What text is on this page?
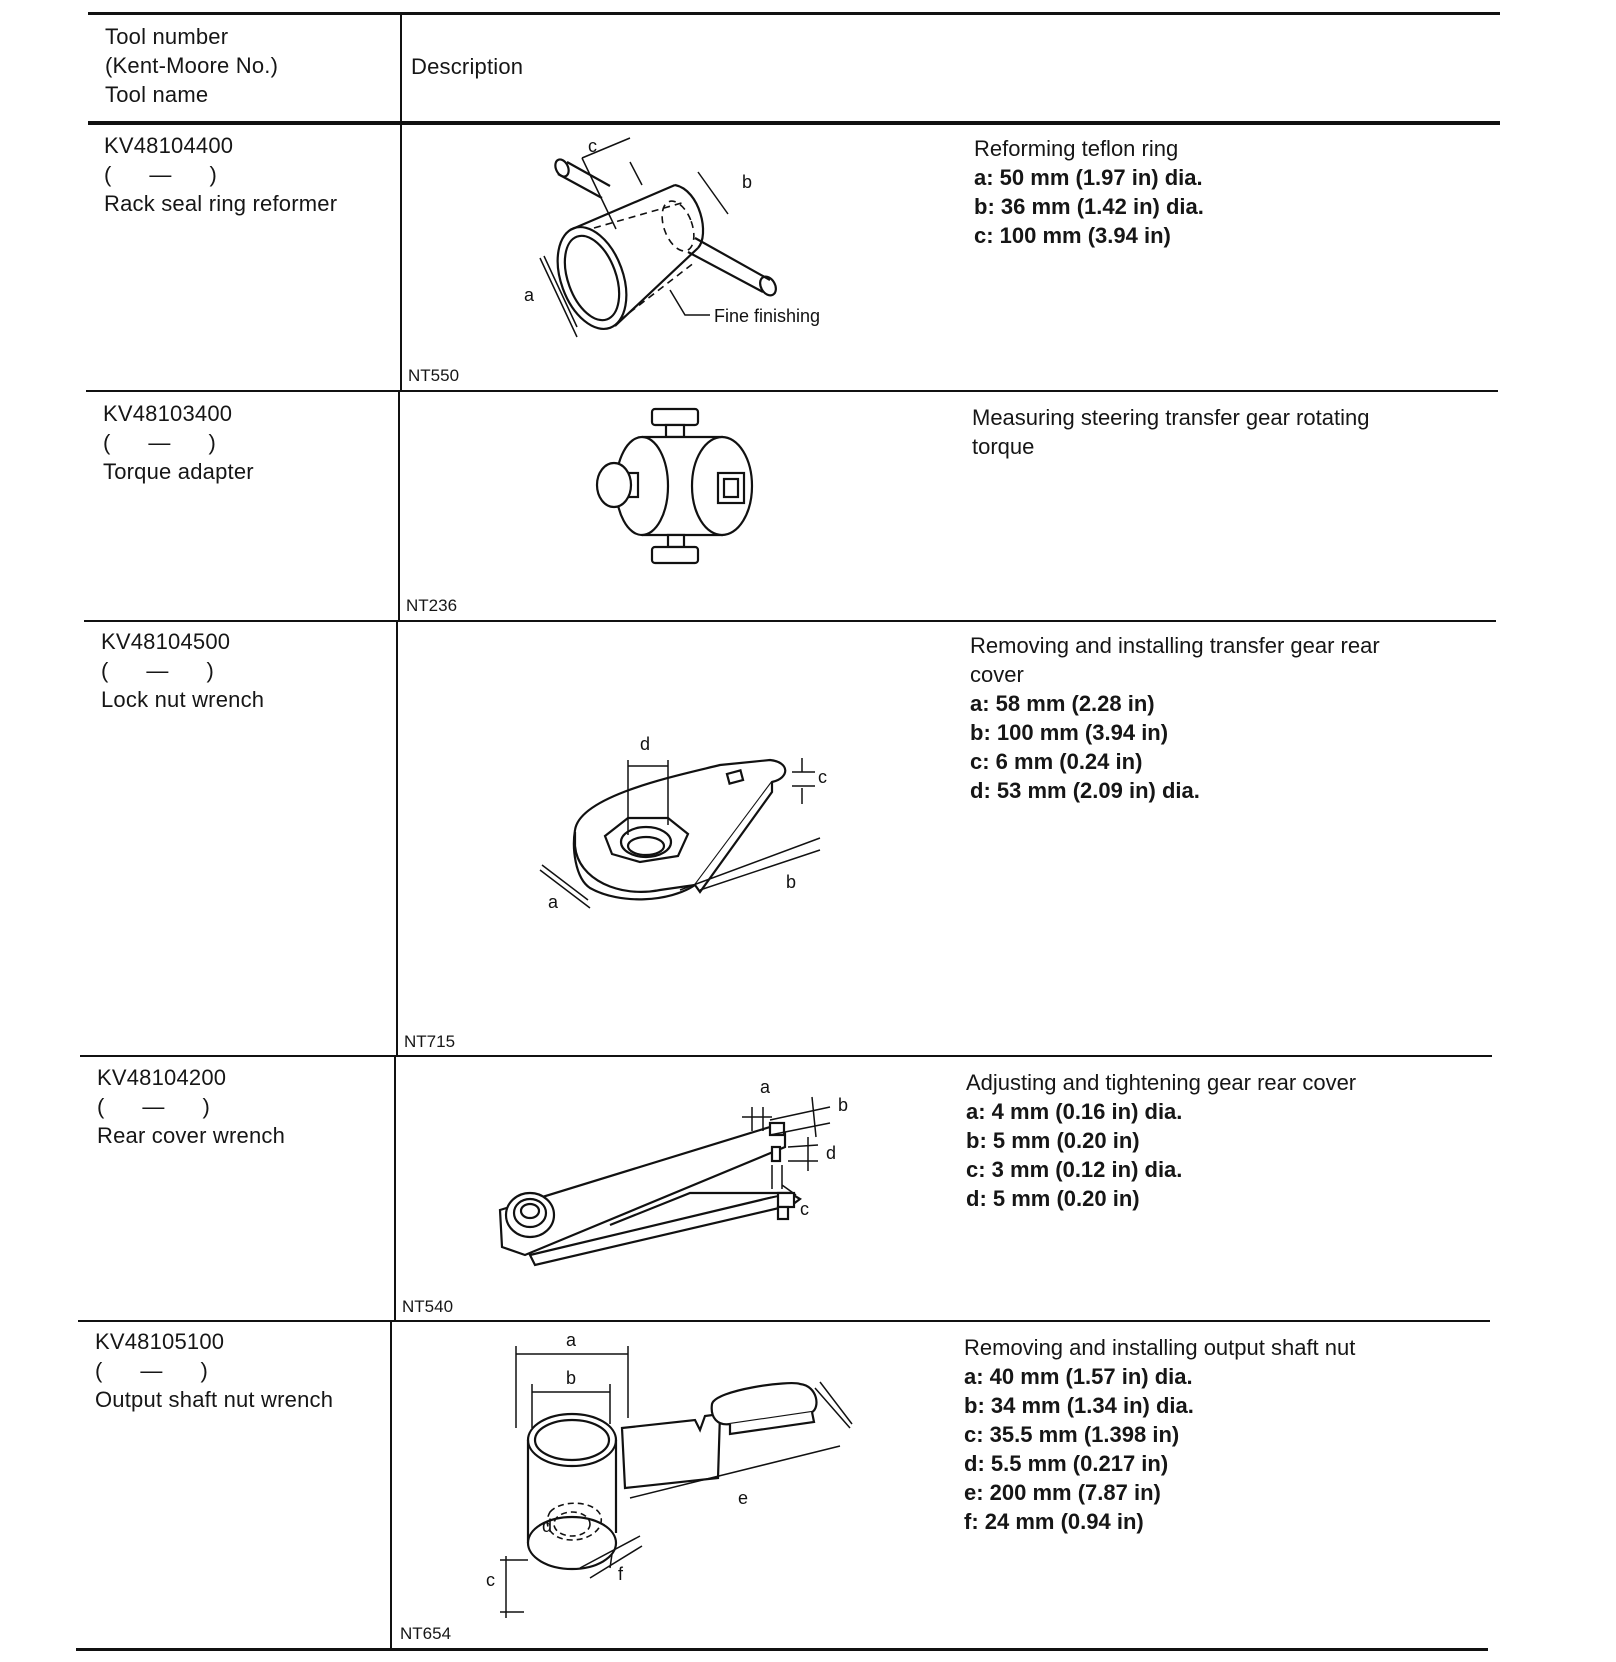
Tool number
(Kent-Moore No.)
Tool name
Description
KV48104400
(      —      )
Rack seal ring reformer
c
b
a
Fine finishing
NT550
Reforming teflon ring
a: 50 mm (1.97 in) dia.
b: 36 mm (1.42 in) dia.
c: 100 mm (3.94 in)
KV48103400
(      —      )
Torque adapter
NT236
Measuring steering transfer gear rotating
torque
KV48104500
(      —      )
Lock nut wrench
d
c
a
b
NT715
Removing and installing transfer gear rear
cover
a: 58 mm (2.28 in)
b: 100 mm (3.94 in)
c: 6 mm (0.24 in)
d: 53 mm (2.09 in) dia.
KV48104200
(      —      )
Rear cover wrench
a
b
d
c
NT540
Adjusting and tightening gear rear cover
a: 4 mm (0.16 in) dia.
b: 5 mm (0.20 in)
c: 3 mm (0.12 in) dia.
d: 5 mm (0.20 in)
KV48105100
(      —      )
Output shaft nut wrench
a
b
c
d
e
f
NT654
Removing and installing output shaft nut
a: 40 mm (1.57 in) dia.
b: 34 mm (1.34 in) dia.
c: 35.5 mm (1.398 in)
d: 5.5 mm (0.217 in)
e: 200 mm (7.87 in)
f: 24 mm (0.94 in)
